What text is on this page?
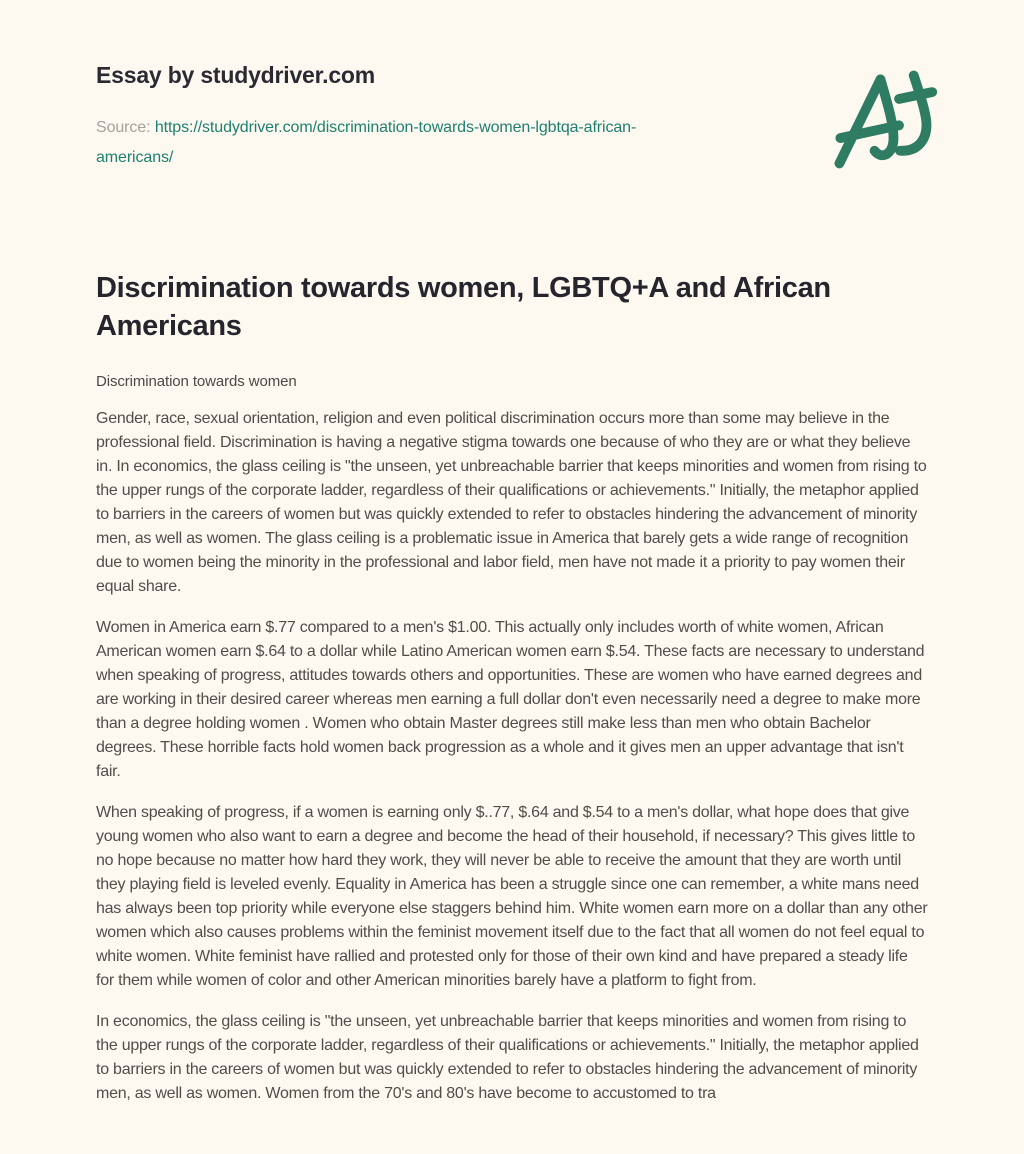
Essay by studydriver.com
Source: https://studydriver.com/discrimination-towards-women-lgbtqa-african-americans/
Discrimination towards women, LGBTQ+A and African Americans
Discrimination towards women

Gender, race, sexual orientation, religion and even political discrimination occurs more than some may believe in the professional field. Discrimination is having a negative stigma towards one because of who they are or what they believe in. In economics, the glass ceiling is "the unseen, yet unbreachable barrier that keeps minorities and women from rising to the upper rungs of the corporate ladder, regardless of their qualifications or achievements." Initially, the metaphor applied to barriers in the careers of women but was quickly extended to refer to obstacles hindering the advancement of minority men, as well as women. The glass ceiling is a problematic issue in America that barely gets a wide range of recognition due to women being the minority in the professional and labor field, men have not made it a priority to pay women their equal share.

Women in America earn $.77 compared to a men's $1.00. This actually only includes worth of white women, African American women earn $.64 to a dollar while Latino American women earn $.54. These facts are necessary to understand when speaking of progress, attitudes towards others and opportunities. These are women who have earned degrees and are working in their desired career whereas men earning a full dollar don't even necessarily need a degree to make more than a degree holding women . Women who obtain Master degrees still make less than men who obtain Bachelor degrees. These horrible facts hold women back progression as a whole and it gives men an upper advantage that isn't fair.

When speaking of progress, if a women is earning only $..77, $.64 and $.54 to a men's dollar, what hope does that give young women who also want to earn a degree and become the head of their household, if necessary? This gives little to no hope because no matter how hard they work, they will never be able to receive the amount that they are worth until they playing field is leveled evenly. Equality in America has been a struggle since one can remember, a white mans need has always been top priority while everyone else staggers behind him. White women earn more on a dollar than any other women which also causes problems within the feminist movement itself due to the fact that all women do not feel equal to white women. White feminist have rallied and protested only for those of their own kind and have prepared a steady life for them while women of color and other American minorities barely have a platform to fight from.

In economics, the glass ceiling is "the unseen, yet unbreachable barrier that keeps minorities and women from rising to the upper rungs of the corporate ladder, regardless of their qualifications or achievements." Initially, the metaphor applied to barriers in the careers of women but was quickly extended to refer to obstacles hindering the advancement of minority men, as well as women. Women from the 70's and 80's have become to accustomed to tra
